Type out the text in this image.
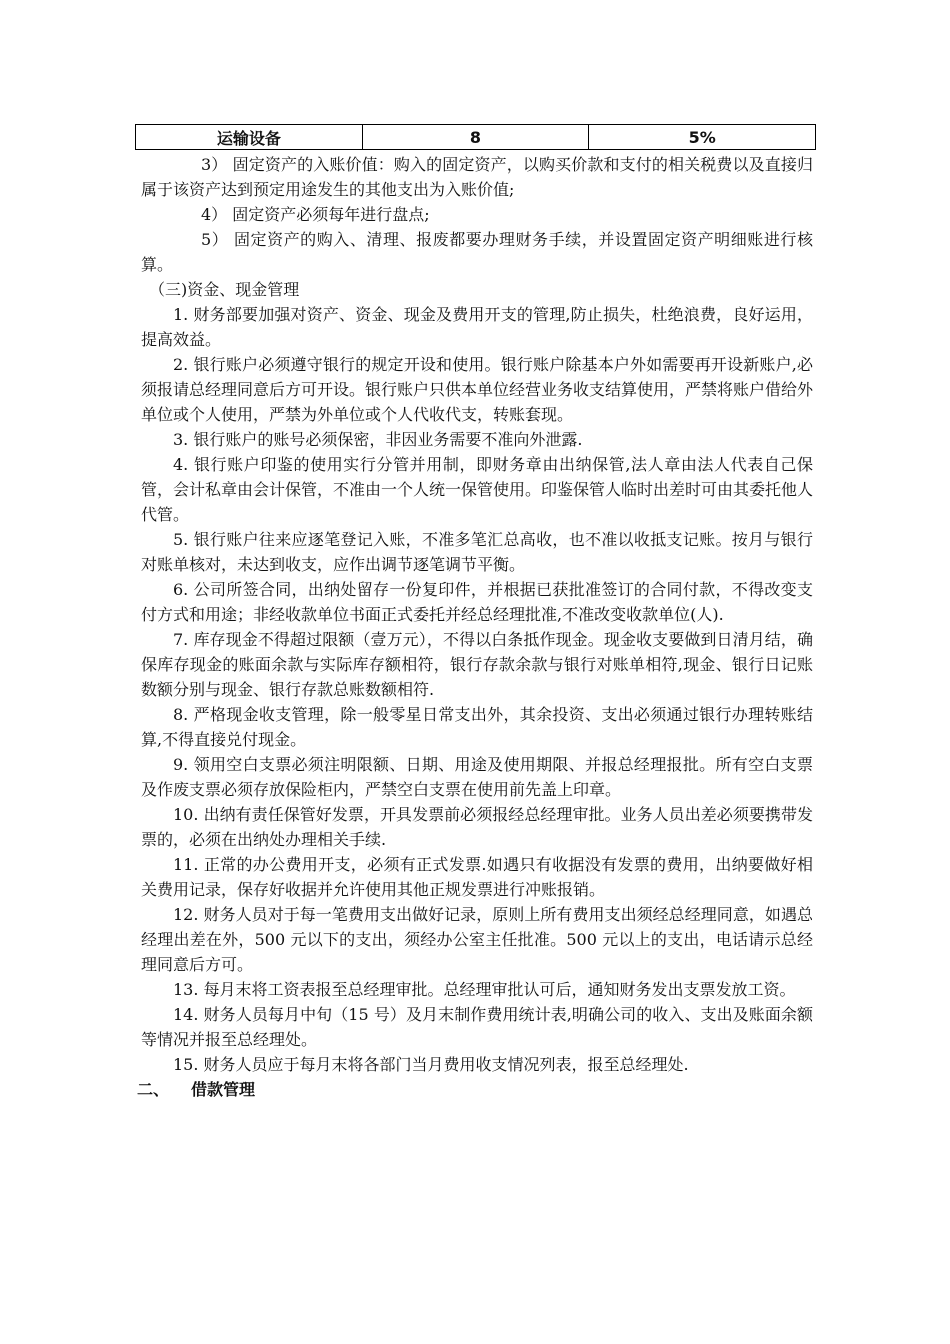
运输设备	8	5%

3） 固定资产的入账价值：购入的固定资产，以购买价款和支付的相关税费以及直接归属于该资产达到预定用途发生的其他支出为入账价值;

4） 固定资产必须每年进行盘点;

5） 固定资产的购入、清理、报废都要办理财务手续，并设置固定资产明细账进行核算。

（三)资金、现金管理

1. 财务部要加强对资产、资金、现金及费用开支的管理,防止损失，杜绝浪费，良好运用，提高效益。

2. 银行账户必须遵守银行的规定开设和使用。银行账户除基本户外如需要再开设新账户,必须报请总经理同意后方可开设。银行账户只供本单位经营业务收支结算使用，严禁将账户借给外单位或个人使用，严禁为外单位或个人代收代支，转账套现。

3. 银行账户的账号必须保密，非因业务需要不准向外泄露.

4. 银行账户印鉴的使用实行分管并用制，即财务章由出纳保管,法人章由法人代表自己保管，会计私章由会计保管，不准由一个人统一保管使用。印鉴保管人临时出差时可由其委托他人代管。

5. 银行账户往来应逐笔登记入账，不准多笔汇总高收，也不准以收抵支记账。按月与银行对账单核对，未达到收支，应作出调节逐笔调节平衡。

6. 公司所签合同，出纳处留存一份复印件，并根据已获批准签订的合同付款，不得改变支付方式和用途；非经收款单位书面正式委托并经总经理批准,不准改变收款单位(人).

7. 库存现金不得超过限额（壹万元），不得以白条抵作现金。现金收支要做到日清月结，确保库存现金的账面余款与实际库存额相符，银行存款余款与银行对账单相符,现金、银行日记账数额分别与现金、银行存款总账数额相符.

8. 严格现金收支管理，除一般零星日常支出外，其余投资、支出必须通过银行办理转账结算,不得直接兑付现金。

9. 领用空白支票必须注明限额、日期、用途及使用期限、并报总经理报批。所有空白支票及作废支票必须存放保险柜内，严禁空白支票在使用前先盖上印章。

10. 出纳有责任保管好发票，开具发票前必须报经总经理审批。业务人员出差必须要携带发票的，必须在出纳处办理相关手续.

11. 正常的办公费用开支，必须有正式发票.如遇只有收据没有发票的费用，出纳要做好相关费用记录，保存好收据并允许使用其他正规发票进行冲账报销。

12. 财务人员对于每一笔费用支出做好记录，原则上所有费用支出须经总经理同意，如遇总经理出差在外，500 元以下的支出，须经办公室主任批准。500 元以上的支出，电话请示总经理同意后方可。

13. 每月末将工资表报至总经理审批。总经理审批认可后，通知财务发出支票发放工资。

14. 财务人员每月中旬（15 号）及月末制作费用统计表,明确公司的收入、支出及账面余额等情况并报至总经理处。

15. 财务人员应于每月末将各部门当月费用收支情况列表，报至总经理处.

二、 借款管理
